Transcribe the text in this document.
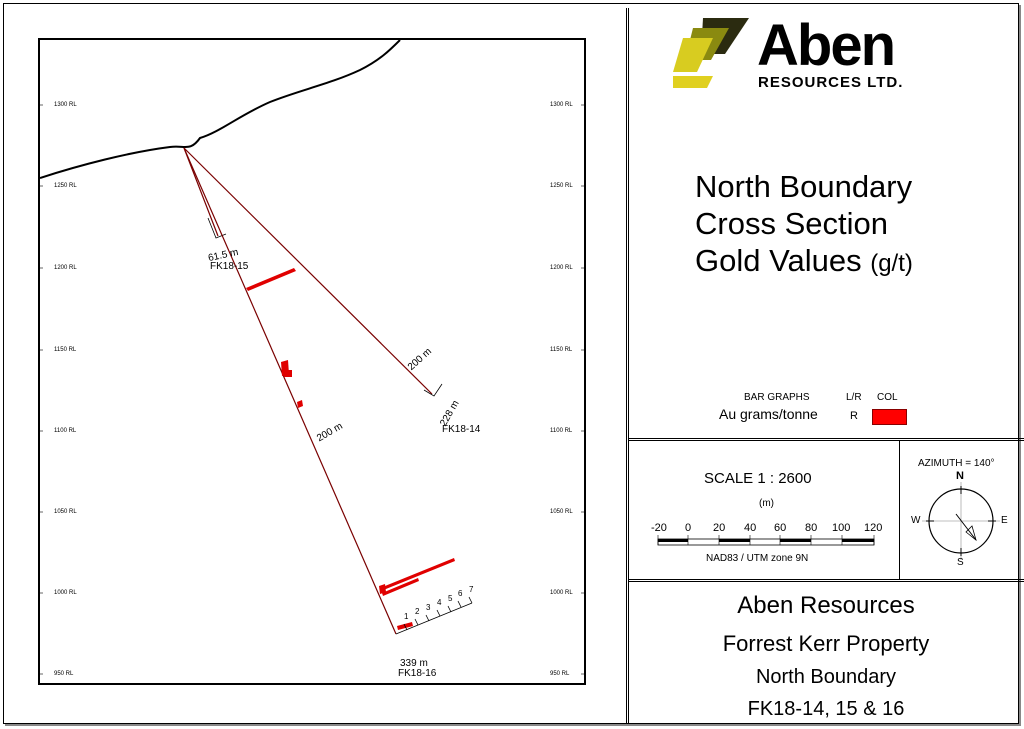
1300 RL
1250 RL
1200 RL
1150 RL
1100 RL
1050 RL
1000 RL
950 RL
1300 RL
1250 RL
1200 RL
1150 RL
1100 RL
1050 RL
1000 RL
950 RL
61.5 m
FK18-15
200 m
228 m
FK18-14
200 m
339 m
FK18-16
1
2 3
4 5
6 7
Aben
RESOURCES LTD.
North Boundary
Cross Section
Gold Values (g/t)
BAR GRAPHS	L/R COL
Au grams/tonne	R
SCALE 1 : 2600
(m)
-20 0 20 40 60 80 100 120
NAD83 / UTM zone 9N
AZIMUTH = 140°
N
S
E
W
Aben Resources
Forrest Kerr Property
North Boundary
FK18-14, 15 & 16
